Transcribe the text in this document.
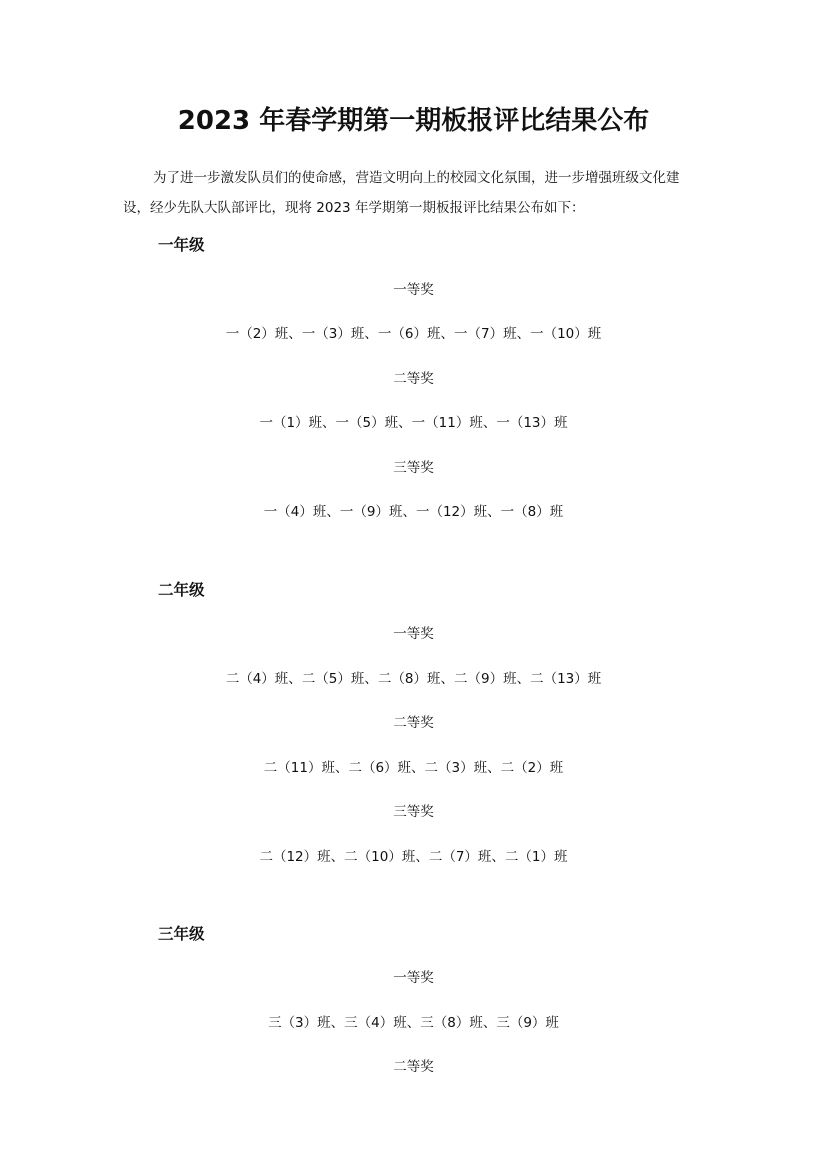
2023 年春学期第一期板报评比结果公布
为了进一步激发队员们的使命感，营造文明向上的校园文化氛围，进一步增强班级文化建设，经少先队大队部评比，现将 2023 年学期第一期板报评比结果公布如下：
一年级
一等奖
一（2）班、一（3）班、一（6）班、一（7）班、一（10）班
二等奖
一（1）班、一（5）班、一（11）班、一（13）班
三等奖
一（4）班、一（9）班、一（12）班、一（8）班
二年级
一等奖
二（4）班、二（5）班、二（8）班、二（9）班、二（13）班
二等奖
二（11）班、二（6）班、二（3）班、二（2）班
三等奖
二（12）班、二（10）班、二（7）班、二（1）班
三年级
一等奖
三（3）班、三（4）班、三（8）班、三（9）班
二等奖
